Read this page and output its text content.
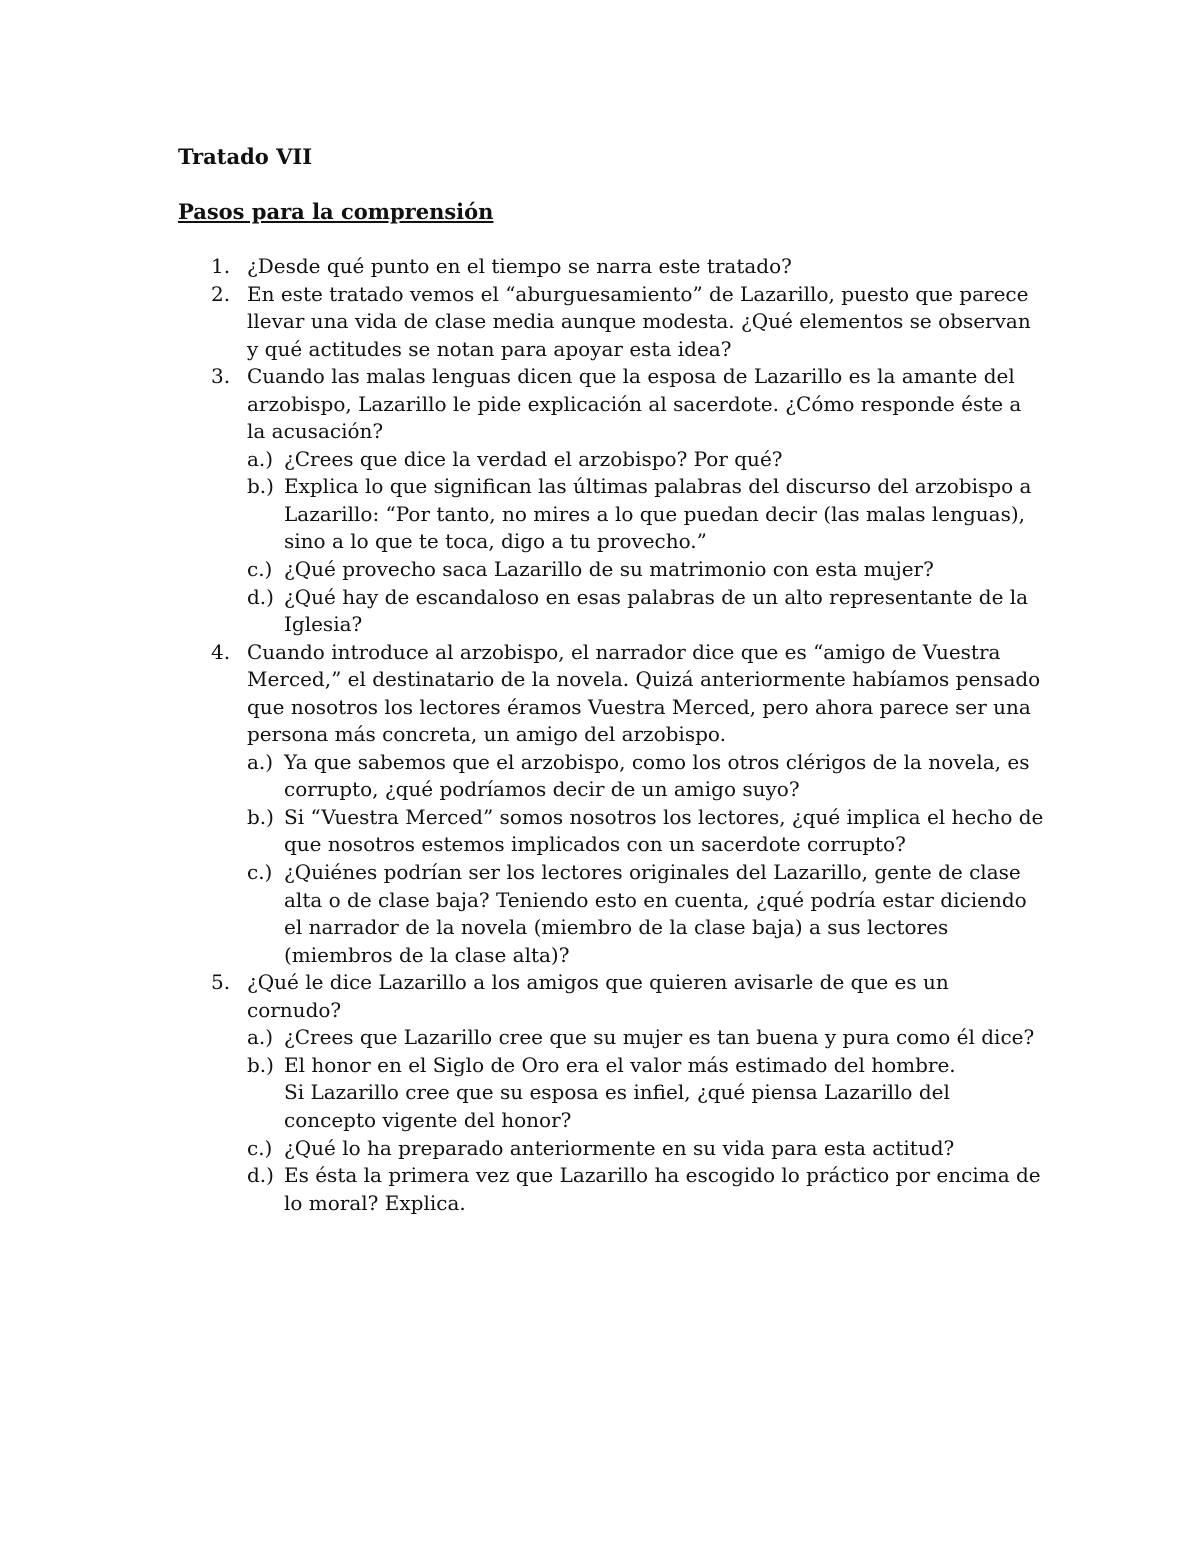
Tratado VII
Pasos para la comprensión
1. ¿Desde qué punto en el tiempo se narra este tratado?
2. En este tratado vemos el “aburguesamiento” de Lazarillo, puesto que parece
llevar una vida de clase media aunque modesta. ¿Qué elementos se observan
y qué actitudes se notan para apoyar esta idea?
3. Cuando las malas lenguas dicen que la esposa de Lazarillo es la amante del
arzobispo, Lazarillo le pide explicación al sacerdote. ¿Cómo responde éste a
la acusación?
a.) ¿Crees que dice la verdad el arzobispo? Por qué?
b.) Explica lo que significan las últimas palabras del discurso del arzobispo a
Lazarillo: “Por tanto, no mires a lo que puedan decir (las malas lenguas),
sino a lo que te toca, digo a tu provecho.”
c.) ¿Qué provecho saca Lazarillo de su matrimonio con esta mujer?
d.) ¿Qué hay de escandaloso en esas palabras de un alto representante de la
Iglesia?
4. Cuando introduce al arzobispo, el narrador dice que es “amigo de Vuestra
Merced,” el destinatario de la novela. Quizá anteriormente habíamos pensado
que nosotros los lectores éramos Vuestra Merced, pero ahora parece ser una
persona más concreta, un amigo del arzobispo.
a.) Ya que sabemos que el arzobispo, como los otros clérigos de la novela, es
corrupto, ¿qué podríamos decir de un amigo suyo?
b.) Si “Vuestra Merced” somos nosotros los lectores, ¿qué implica el hecho de
que nosotros estemos implicados con un sacerdote corrupto?
c.) ¿Quiénes podrían ser los lectores originales del Lazarillo, gente de clase
alta o de clase baja? Teniendo esto en cuenta, ¿qué podría estar diciendo
el narrador de la novela (miembro de la clase baja) a sus lectores
(miembros de la clase alta)?
5. ¿Qué le dice Lazarillo a los amigos que quieren avisarle de que es un
cornudo?
a.) ¿Crees que Lazarillo cree que su mujer es tan buena y pura como él dice?
b.) El honor en el Siglo de Oro era el valor más estimado del hombre.
Si Lazarillo cree que su esposa es infiel, ¿qué piensa Lazarillo del
concepto vigente del honor?
c.) ¿Qué lo ha preparado anteriormente en su vida para esta actitud?
d.) Es ésta la primera vez que Lazarillo ha escogido lo práctico por encima de
lo moral? Explica.
